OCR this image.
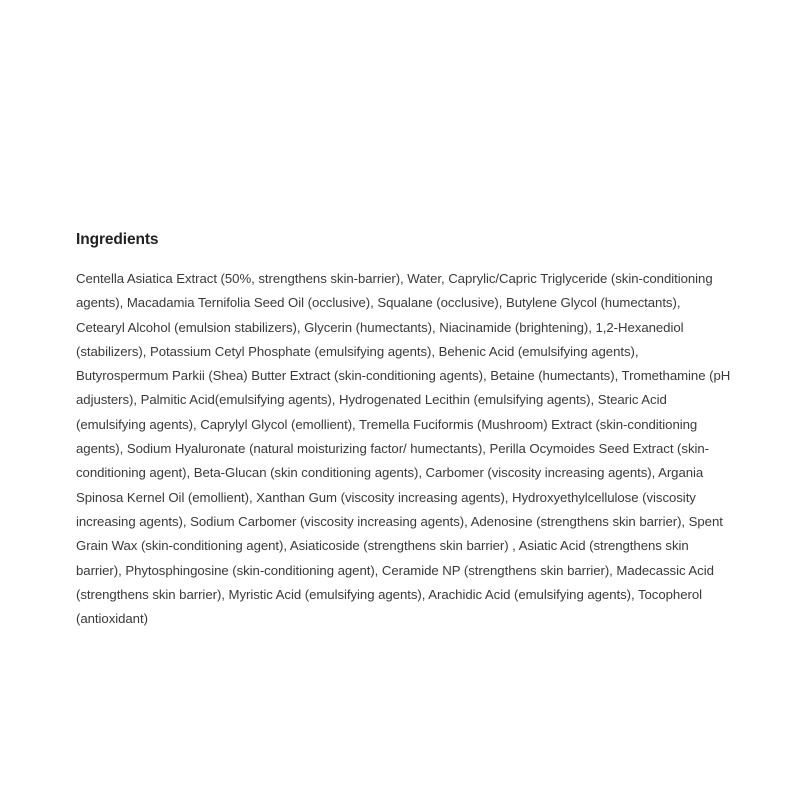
Ingredients

Centella Asiatica Extract (50%, strengthens skin-barrier), Water, Caprylic/Capric Triglyceride (skin-conditioning agents), Macadamia Ternifolia Seed Oil (occlusive), Squalane (occlusive), Butylene Glycol (humectants), Cetearyl Alcohol (emulsion stabilizers), Glycerin (humectants), Niacinamide (brightening), 1,2-Hexanediol (stabilizers), Potassium Cetyl Phosphate (emulsifying agents), Behenic Acid (emulsifying agents), Butyrospermum Parkii (Shea) Butter Extract (skin-conditioning agents), Betaine (humectants), Tromethamine (pH adjusters), Palmitic Acid(emulsifying agents), Hydrogenated Lecithin (emulsifying agents), Stearic Acid (emulsifying agents), Caprylyl Glycol (emollient), Tremella Fuciformis (Mushroom) Extract (skin-conditioning agents), Sodium Hyaluronate (natural moisturizing factor/ humectants), Perilla Ocymoides Seed Extract (skin-conditioning agent), Beta-Glucan (skin conditioning agents), Carbomer (viscosity increasing agents), Argania Spinosa Kernel Oil (emollient), Xanthan Gum (viscosity increasing agents), Hydroxyethylcellulose (viscosity increasing agents), Sodium Carbomer (viscosity increasing agents), Adenosine (strengthens skin barrier), Spent Grain Wax (skin-conditioning agent), Asiaticoside (strengthens skin barrier) , Asiatic Acid (strengthens skin barrier), Phytosphingosine (skin-conditioning agent), Ceramide NP (strengthens skin barrier), Madecassic Acid (strengthens skin barrier), Myristic Acid (emulsifying agents), Arachidic Acid (emulsifying agents), Tocopherol (antioxidant)
